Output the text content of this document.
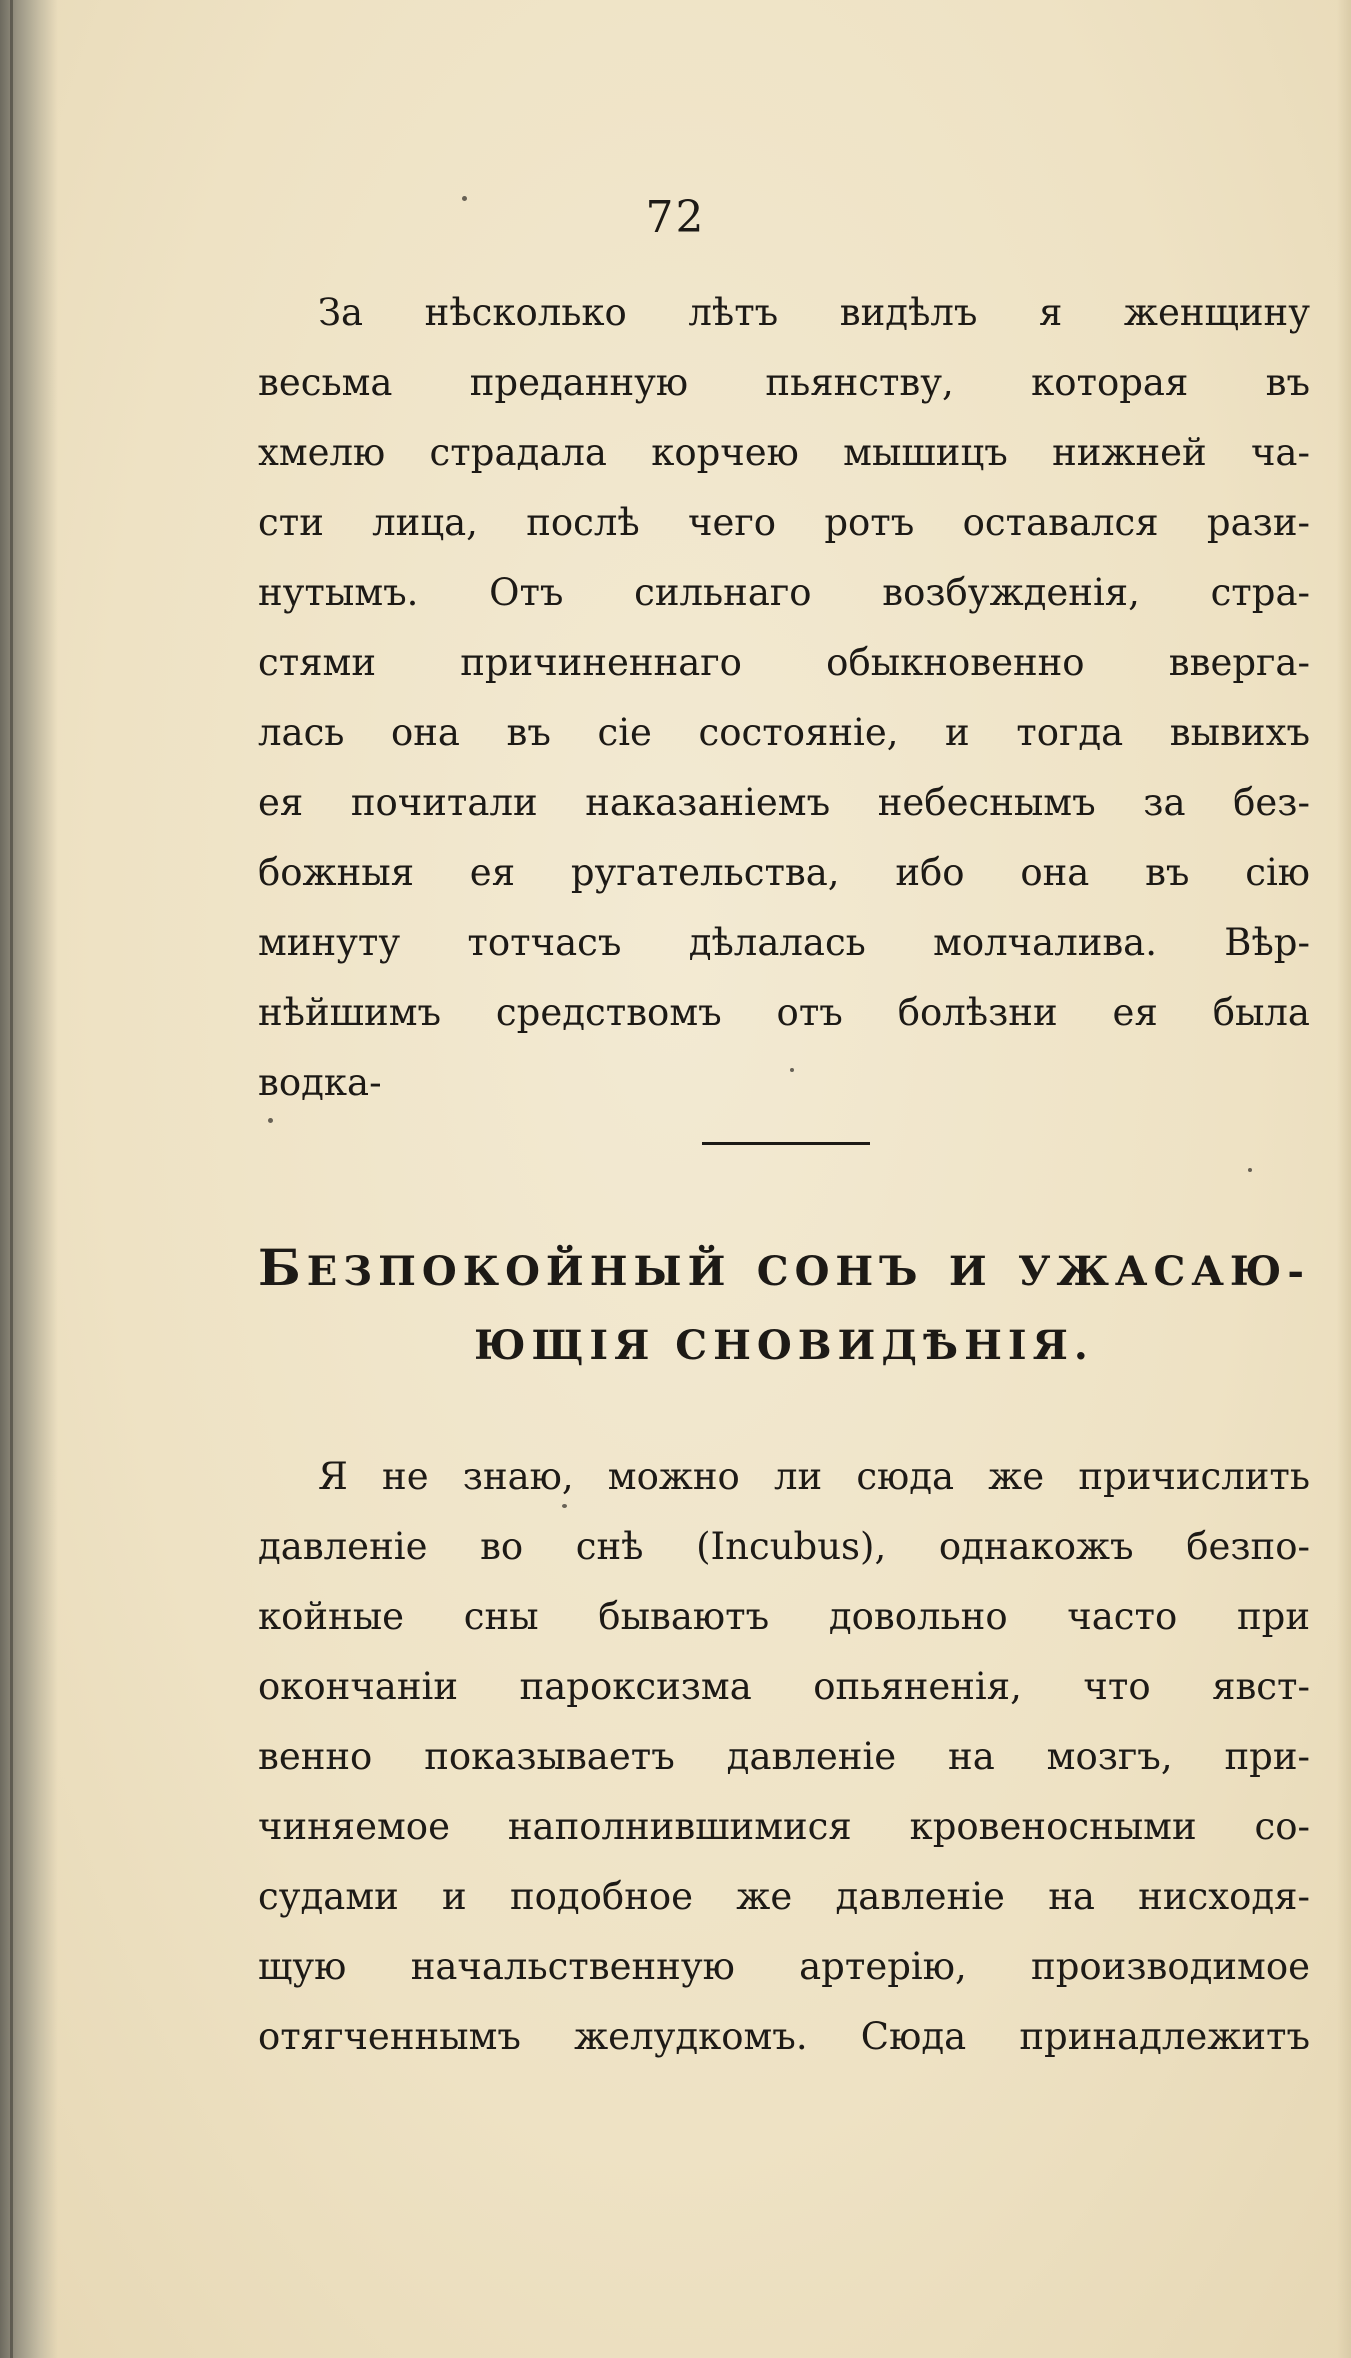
72
За нѣсколько лѣтъ видѣлъ я женщину
весьма преданную пьянству, которая въ
хмелю страдала корчею мышицъ нижней ча-
сти лица, послѣ чего ротъ оставался рази-
нутымъ. Отъ сильнаго возбужденія, стра-
стями причиненнаго обыкновенно вверга-
лась она въ сіе состояніе, и тогда вывихъ
ея почитали наказаніемъ небеснымъ за без-
божныя ея ругательства, ибо она въ сію
минуту тотчасъ дѣлалась молчалива. Вѣр-
нѣйшимъ средствомъ отъ болѣзни ея была
водка-
БЕЗПОКОЙНЫЙ СОНЪ И УЖАСАЮ-
ЮЩІЯ СНОВИДѢНІЯ.
Я не знаю, можно ли сюда же причислить
давленіе во снѣ (Incubus), однакожъ безпо-
койные сны бываютъ довольно часто при
окончаніи пароксизма опьяненія, что явст-
венно показываетъ давленіе на мозгъ, при-
чиняемое наполнившимися кровеносными со-
судами и подобное же давленіе на нисходя-
щую начальственную артерію, производимое
отягченнымъ желудкомъ. Сюда принадлежитъ
